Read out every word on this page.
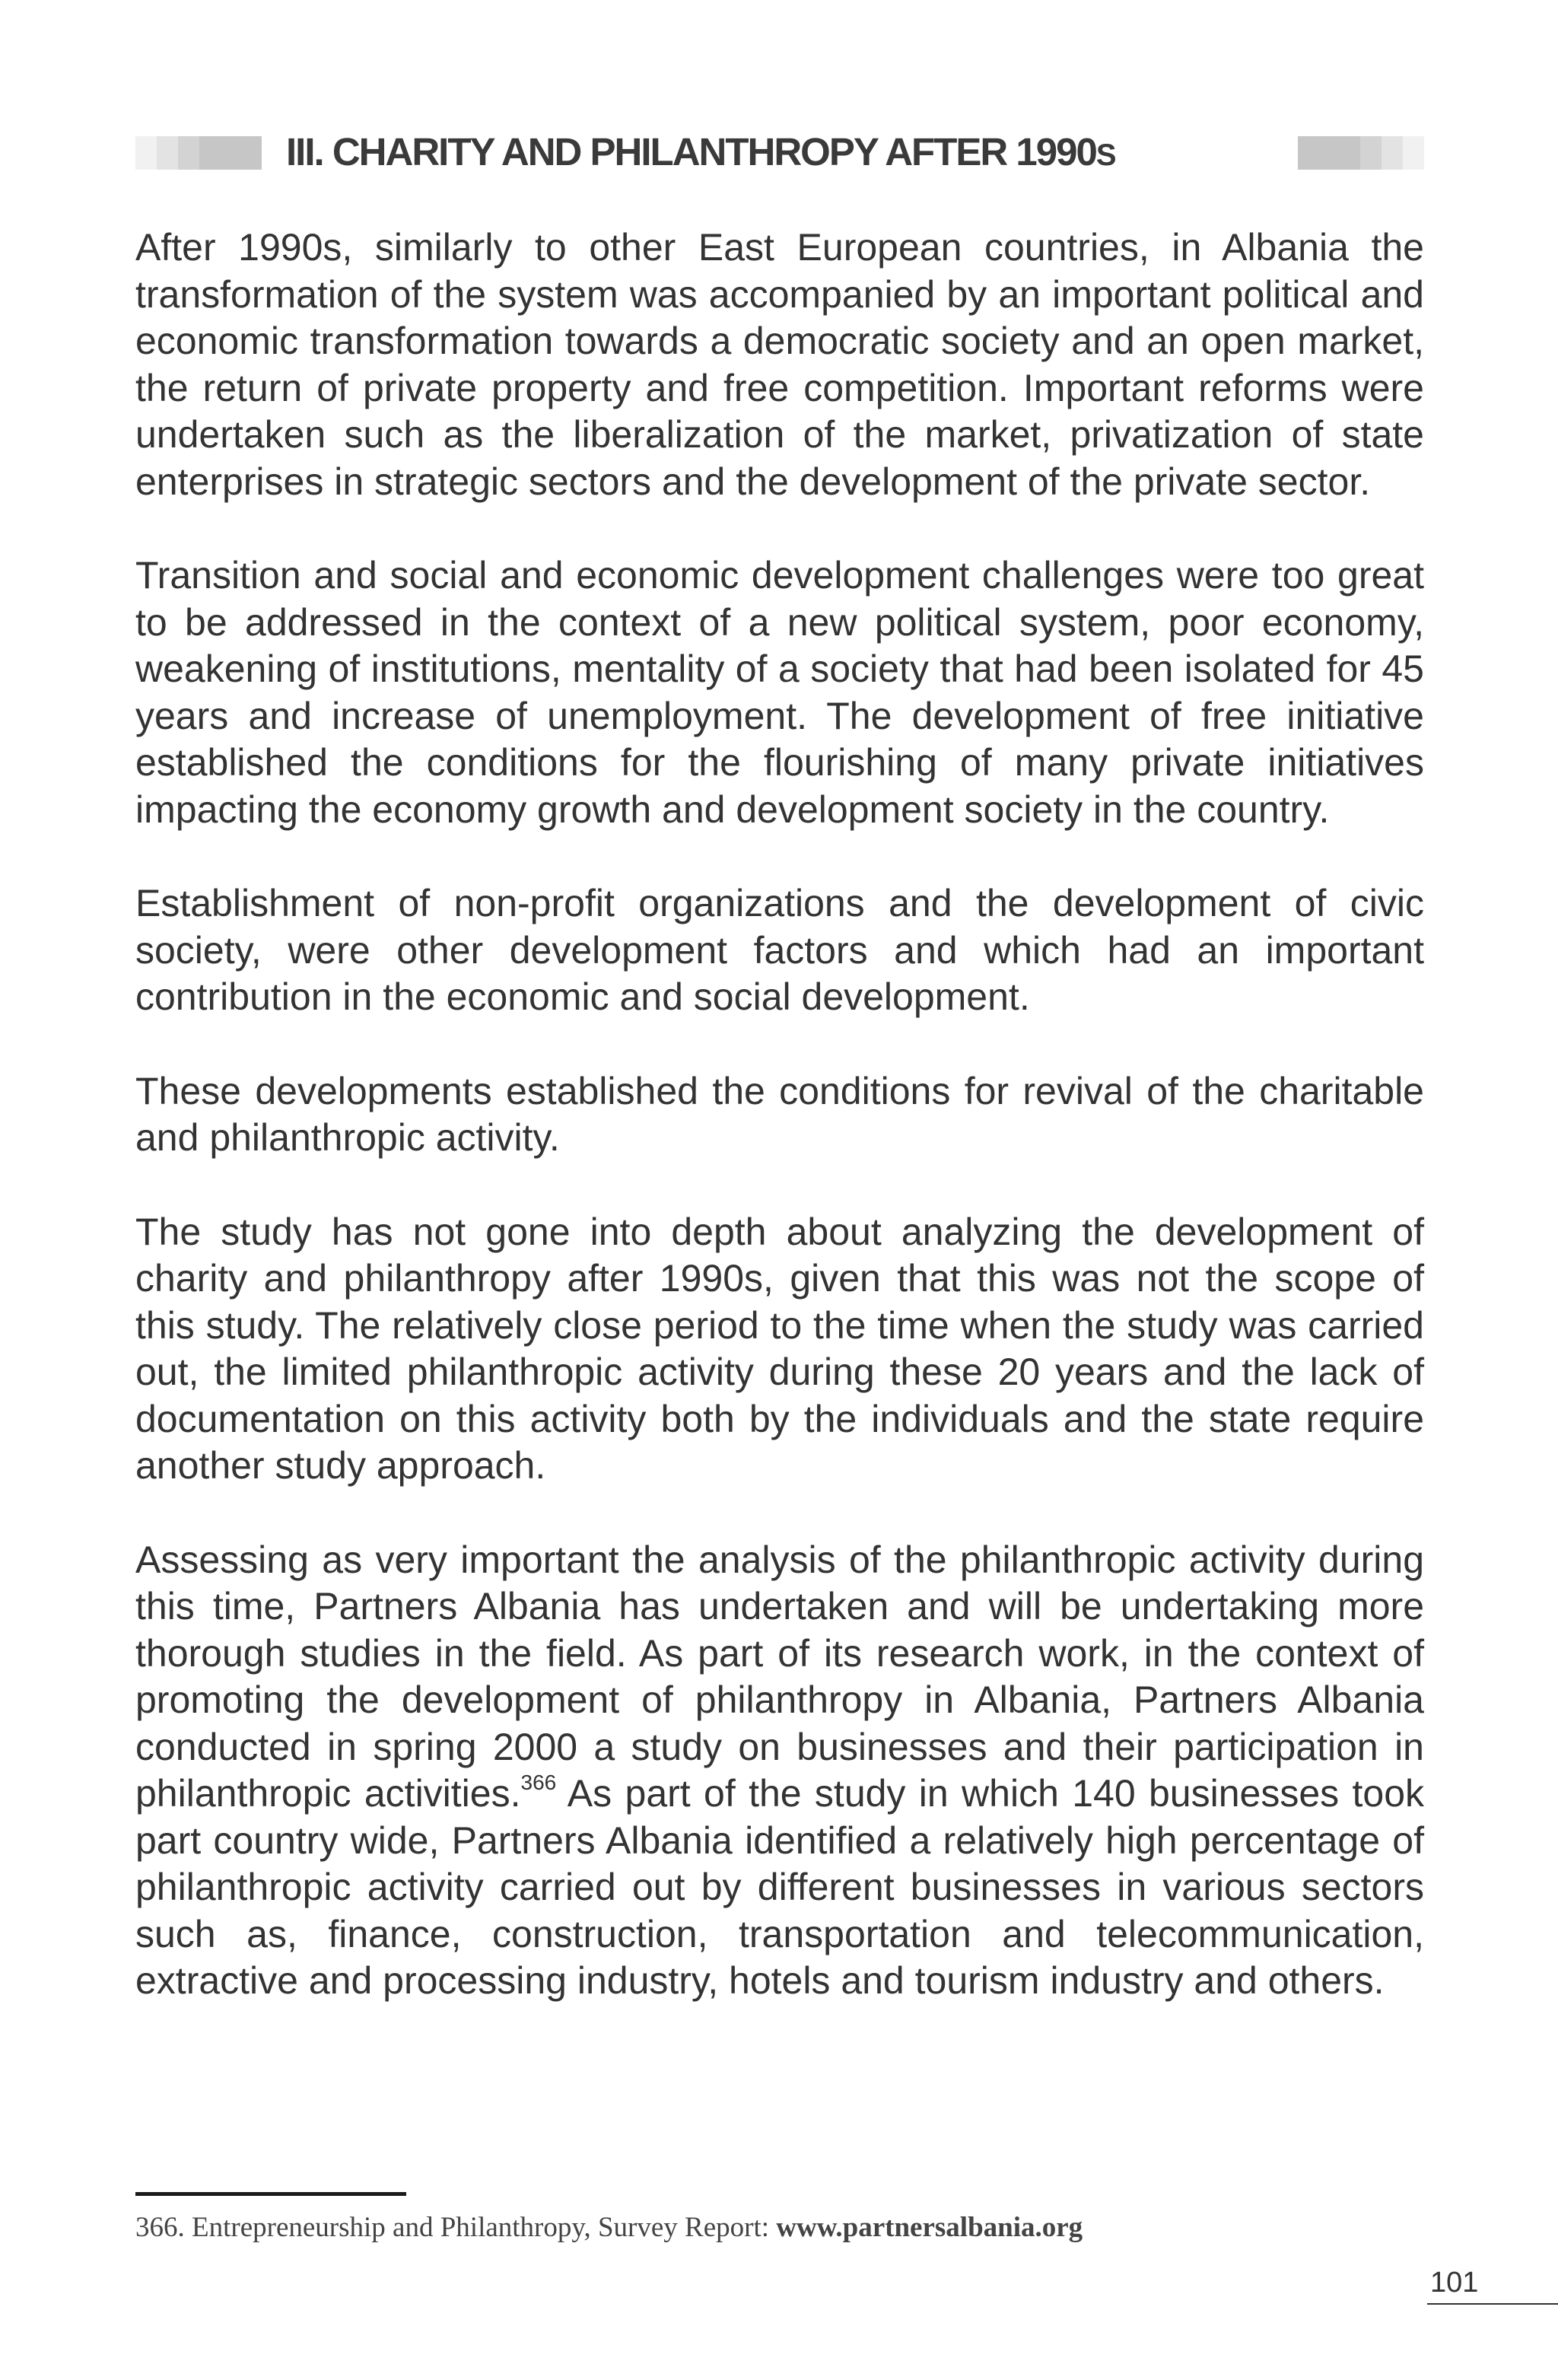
III. CHARITY AND PHILANTHROPY AFTER 1990S

After 1990s, similarly to other East European countries, in Albania the transformation of the system was accompanied by an important political and economic transformation towards a democratic society and an open market, the return of private property and free competition. Important reforms were undertaken such as the liberalization of the market, privatization of state enterprises in strategic sectors and the development of the private sector.

Transition and social and economic development challenges were too great to be addressed in the context of a new political system, poor economy, weakening of institutions, mentality of a society that had been isolated for 45 years and increase of unemployment. The development of free initiative established the conditions for the flourishing of many private initiatives impacting the economy growth and development society in the country.

Establishment of non-profit organizations and the development of civic society, were other development factors and which had an important contribution in the economic and social development.

These developments established the conditions for revival of the charitable and philanthropic activity.

The study has not gone into depth about analyzing the development of charity and philanthropy after 1990s, given that this was not the scope of this study. The relatively close period to the time when the study was carried out, the limited philanthropic activity during these 20 years and the lack of documentation on this activity both by the individuals and the state require another study approach.

Assessing as very important the analysis of the philanthropic activity during this time, Partners Albania has undertaken and will be undertaking more thorough studies in the field. As part of its research work, in the context of promoting the development of philanthropy in Albania, Partners Albania conducted in spring 2000 a study on businesses and their participation in philanthropic activities.$^{366}$ As part of the study in which 140 businesses took part country wide, Partners Albania identified a relatively high percentage of philanthropic activity carried out by different businesses in various sectors such as, finance, construction, transportation and telecommunication, extractive and processing industry, hotels and tourism industry and others.

366. Entrepreneurship and Philanthropy, Survey Report: www.partnersalbania.org

101
